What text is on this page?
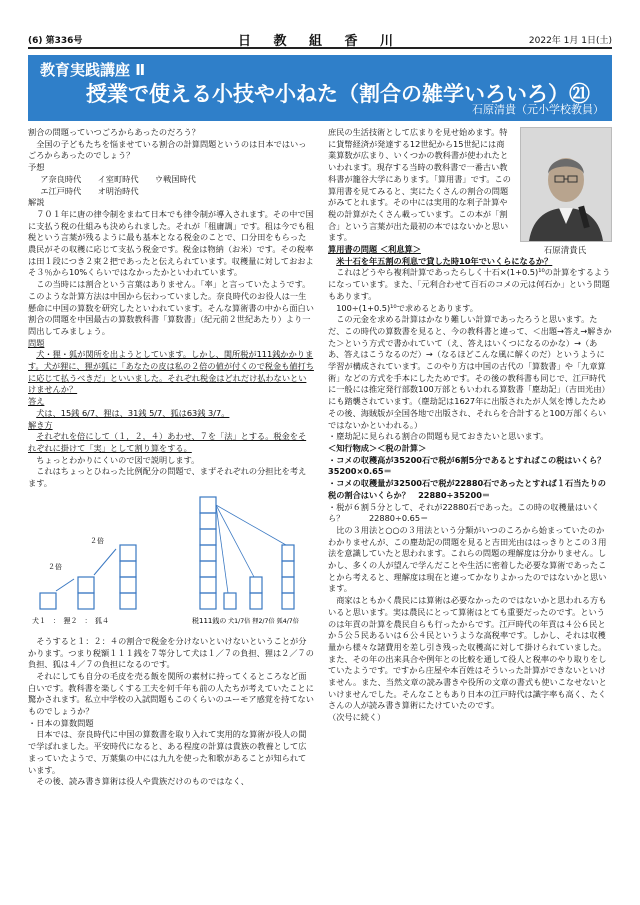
(6) 第336号	日 教 組 香 川	2022年 1月 1日(土)
教育実践講座 Ⅱ
授業で使える小技や小ねた（割合の雑学いろいろ）㉑
石原清貴（元小学校教員）

割合の問題っていつごろからあったのだろう？

全国の子どもたちを悩ませている割合の計算問題というのは日本ではいっごろからあったのでしょう？

予想

ア奈良時代　　イ室町時代　　ウ戦国時代

エ江戸時代　　オ明治時代

解説

７０１年に唐の律令制をまねて日本でも律令制が導入されます。その中で国に支払う税の仕組みも決められました。それが「租庸調」です。租は今でも租税という言葉が残るように最も基本となる税金のことで、口分田をもらった農民がその収穫に応じて支払う税金です。税金は物納（お米）です。その税率は田１段につき２束２把であったと伝えられています。収穫量に対しておおよそ３％から10%くらいではなかったかといわれています。

この当時には割合という言葉はありません。「率」と言っていたようです。このような計算方法は中国から伝わっていました。奈良時代のお役人は一生懸命に中国の算数を研究したといわれています。そんな算術書の中から面白い割合の問題を中国最古の算数教科書「算数書」（紀元前２世紀あたり）より一問出してみましょう。

問題

犬・狸・狐が関所を出ようとしています。しかし、関所税が111銭かかります。犬が狸に、狸が狐に「あなたの皮は私の２倍の値が付くので税金も値打ちに応じて払うべきだ」といいました。それぞれ税金はどれだけ払わないといけませんか？

答え

犬は、15銭 6/7、狸は、31銭 5/7、狐は63銭 3/7。

解き方

それぞれを倍にして（１，２，４）あわせ、７を「法」とする。税金をそれぞれに掛けて「実」として割り算をする。

ちょっとわかりにくいので図で説明します。

これはちょっとひねった比例配分の問題で、まずそれぞれの分担比を考えます。

２倍
２倍
犬１　：　狸２　：　狐４	税111銭の 犬1/7倍 狸2/7倍 狐4/7倍

そうすると１：２：４の割合で税金を分けないといけないということが分かります。つまり税額１１１銭を７等分して犬は１／７の負担、狸は２／７の負担、狐は４／７の負担になるのです。

それにしても自分の毛皮を売る飯を関所の素材に持ってくるところなど面白いです。教科書を楽しくする工夫を何千年も前の人たちが考えていたことに驚かされます。私立中学校の入試問題もこのくらいのユーモア感覚を持てないものでしょうか？

・日本の算数問題

日本では、奈良時代に中国の算数書を取り入れて実用的な算術が役人の間で学ばれました。平安時代になると、ある程度の計算は貴族の教養として広まっていたようで、万葉集の中には九九を使った和歌があることが知られています。

その後、読み書き算術は役人や貴族だけのものではなく、

石原清貴氏

庶民の生活技術として広まりを見せ始めます。特に貨幣経済が発達する12世紀から15世紀には商業算数が広まり、いくつかの教科書が使われたといわれます。現存する当時の教科書で一番古い教科書が籠谷大学にあります。「算用書」です。この算用書を見てみると、実にたくさんの割合の問題がみてとれます。その中には実用的な利子計算や税の計算がたくさん載っています。この本が「割合」という言葉が出た最初の本ではないかと思います。

算用書の問題 ＜利息算＞

米十石を年五割の利息で貸した時10年でいくらになるか？

これはどうやら複利計算であったらしく十石×(1+0.5)¹⁰の計算をするようになっています。また、「元利合わせて百石のコメの元は何石か」という問題もあります。

100÷(1+0.5)¹⁰で求めるとあります。

この元金を求める計算はかなり難しい計算であったろうと思います。ただ、この時代の算数書を見ると、今の教科書と違って、＜出題→答え→解きかた＞という方式で書かれていて（え、答えはいくつになるのかな）→（ああ、答えはこうなるのだ）→（なるほどこんな風に解くのだ）というように学習が構成されています。このやり方は中国の古代の「算数書」や「九章算術」などの方式を手本にしたためです。その後の教科書も同じで、江戸時代に一般には推定発行部数100万部ともいわれる算数書「塵劫記」（吉田光由）にも踏襲されています。（塵劫記は1627年に出版されたが人気を博したためその後、海賊版が全国各地で出版され、それらを合計すると100万部くらいではないかといわれる。）

・塵劫記に見られる割合の問題も見ておきたいと思います。

＜知行物成＞＜税の計算＞

・コメの収穫高が35200石で税が6割5分であるとすればこの税はいくら？35200×0.65＝

・コメの収穫量が32500石で税が22880石であったとすれば１石当たりの税の割合はいくらか？　22880÷35200＝

・税が６割５分として、それが22880石であった。この時の収穫量はいくら？　　　22880÷0.65＝

比の３用法と○○の３用法という分類がいつのころから始まっていたのかわかりませんが、この塵劫記の問題を見ると吉田光由ははっきりとこの３用法を意識していたと思われます。これらの問題の理解度は分かりません。しかし、多くの人が望んで学んだことや生活に密着した必要な算術であったことから考えると、理解度は現在と違ってかなりよかったのではないかと思います。

商家はともかく農民には算術は必要なかったのではないかと思われる方もいると思います。実は農民にとって算術はとても重要だったのです。というのは年貢の計算を農民自らも行ったからです。江戸時代の年貢は４公６民とか５公５民あるいは６公４民というような高税率です。しかし、それは収穫量から様々な諸費用を差し引き残った収穫高に対して掛けられていました。また、その年の出来具合や例年との比較を通して役人と税率のやり取りをしていたようです。ですから庄屋や本百姓はそういった計算ができないといけません。また、当然文章の読み書きや役所の文章の書式も使いこなせないといけませんでした。そんなこともあり日本の江戸時代は識字率も高く、たくさんの人が読み書き算術にたけていたのです。

（次号に続く）
